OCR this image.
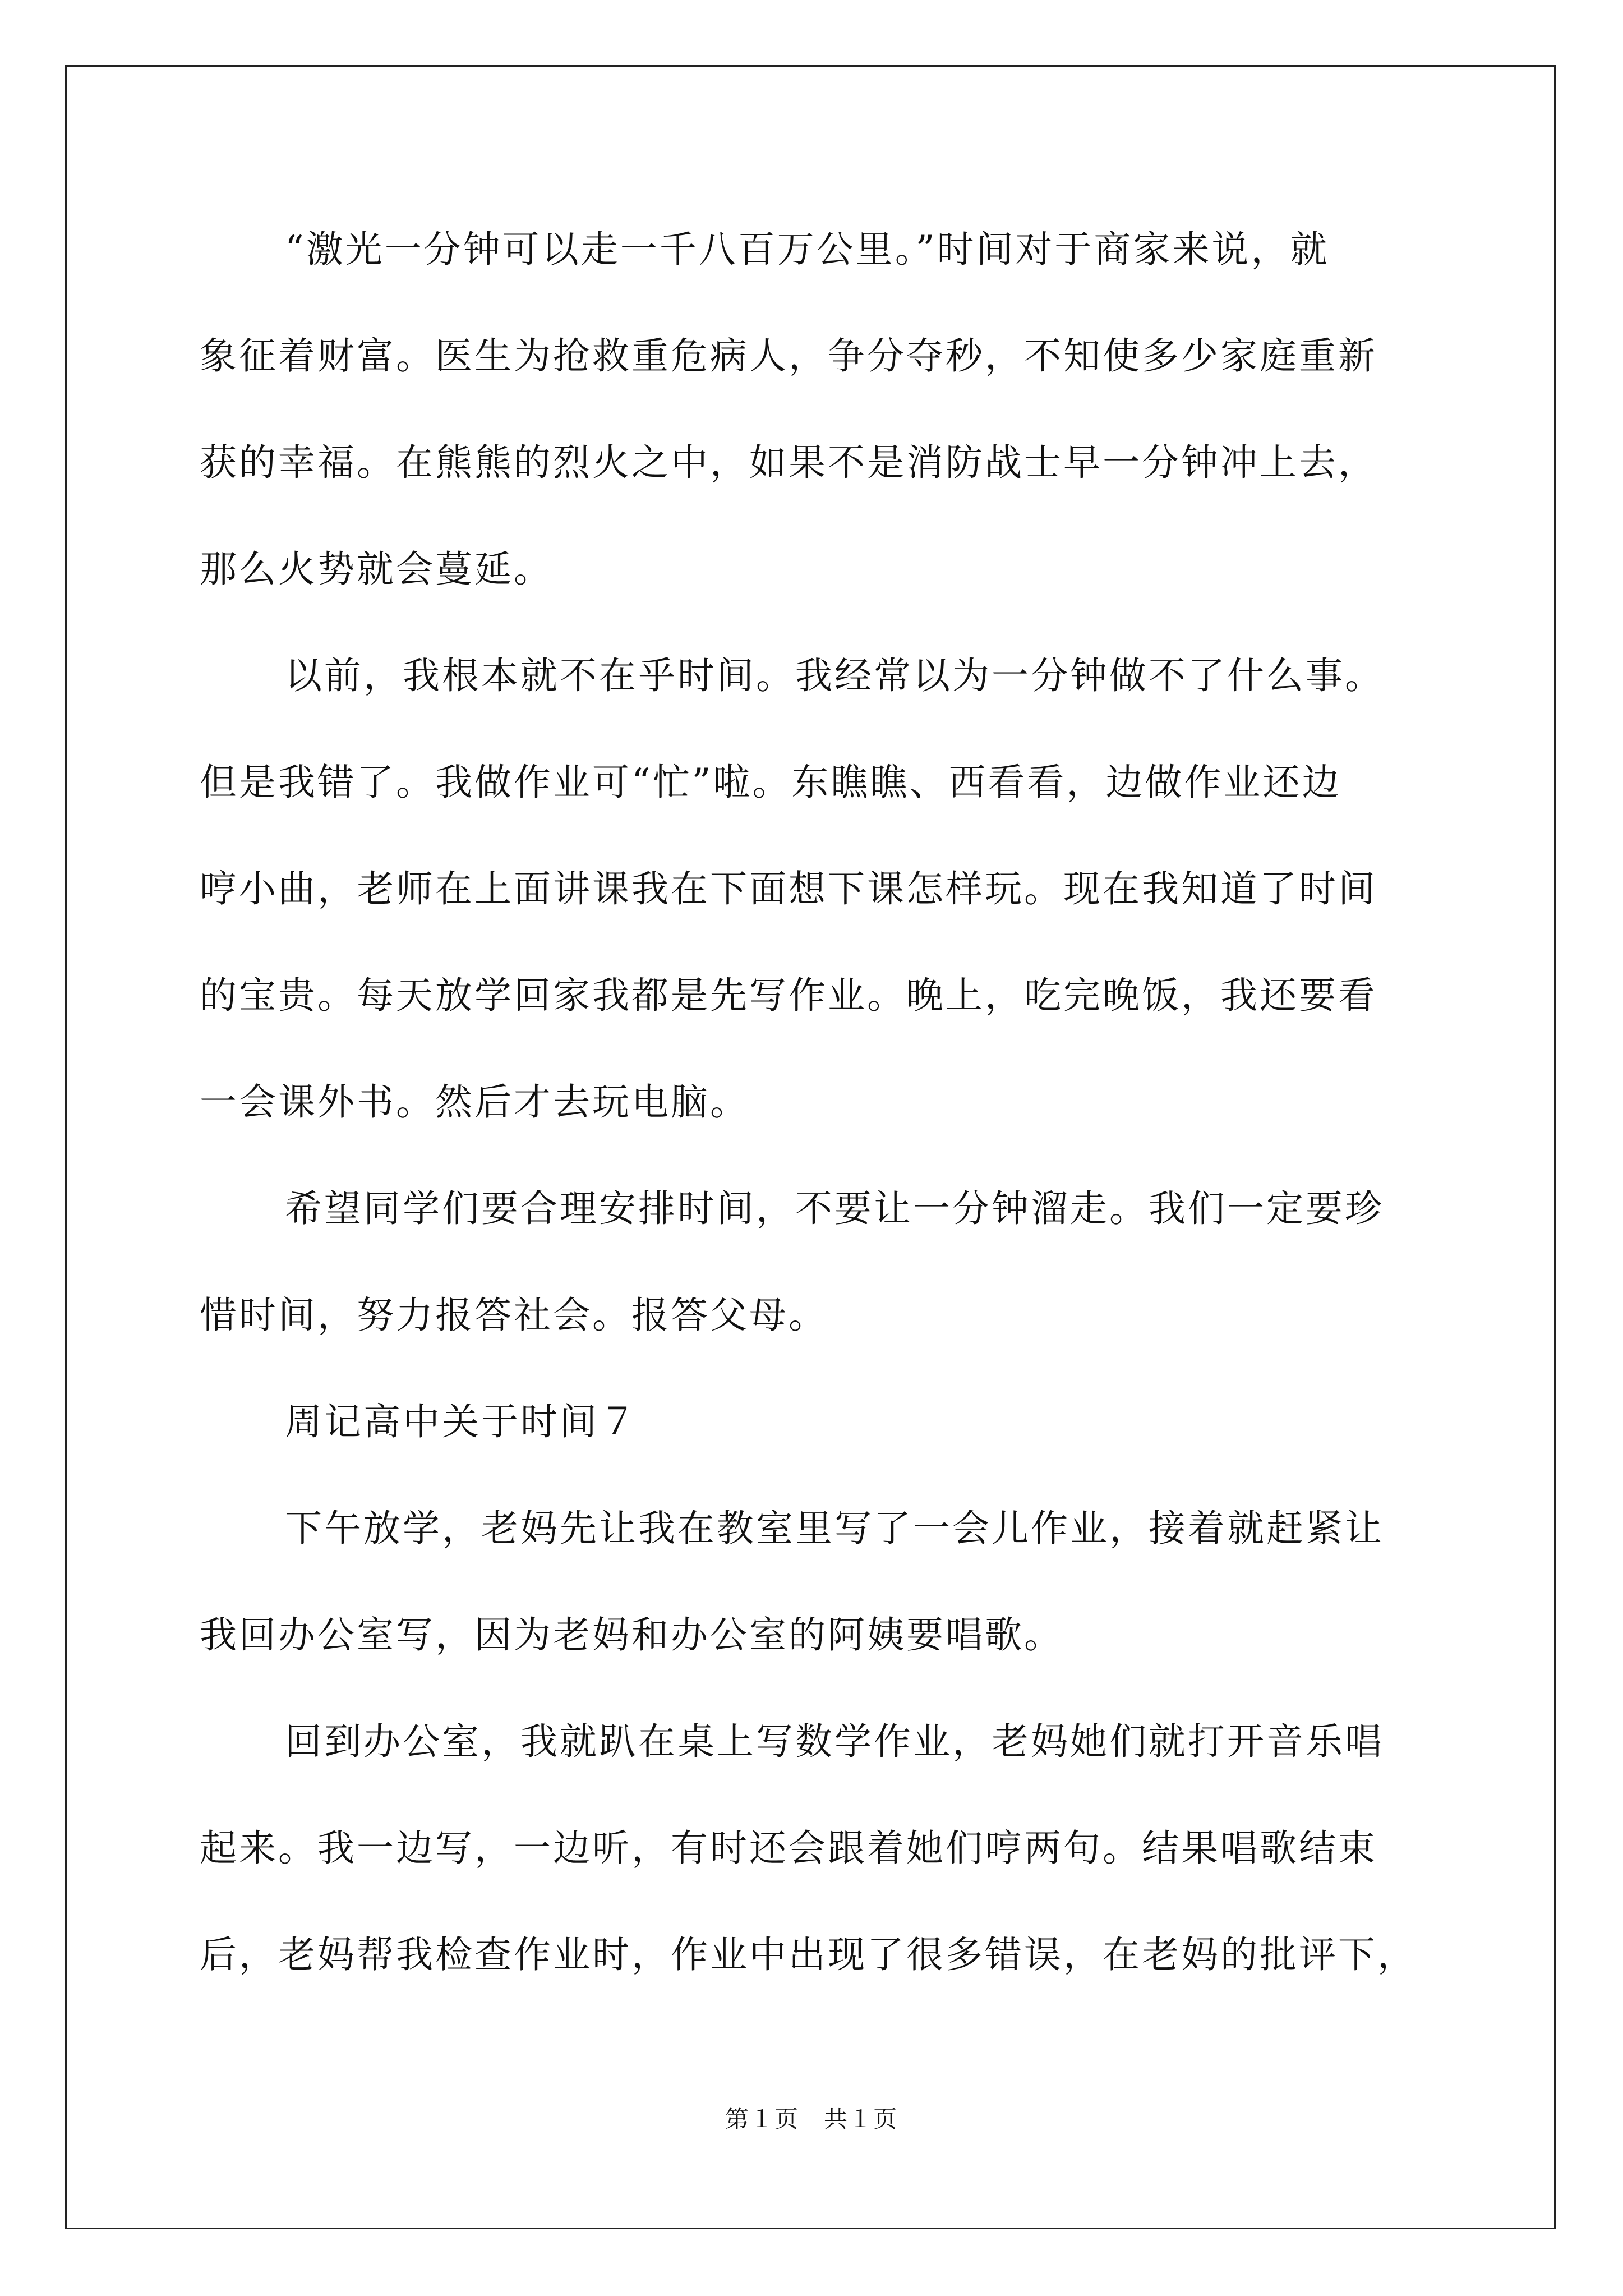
“激光一分钟可以走一千八百万公里。”时间对于商家来说，就
象征着财富。医生为抢救重危病人，争分夺秒，不知使多少家庭重新
获的幸福。在熊熊的烈火之中，如果不是消防战士早一分钟冲上去，
那么火势就会蔓延。
以前，我根本就不在乎时间。我经常以为一分钟做不了什么事。
但是我错了。我做作业可“忙”啦。东瞧瞧、西看看，边做作业还边
哼小曲，老师在上面讲课我在下面想下课怎样玩。现在我知道了时间
的宝贵。每天放学回家我都是先写作业。晚上，吃完晚饭，我还要看
一会课外书。然后才去玩电脑。
希望同学们要合理安排时间，不要让一分钟溜走。我们一定要珍
惜时间，努力报答社会。报答父母。
周记高中关于时间７
下午放学，老妈先让我在教室里写了一会儿作业，接着就赶紧让
我回办公室写，因为老妈和办公室的阿姨要唱歌。
回到办公室，我就趴在桌上写数学作业，老妈她们就打开音乐唱
起来。我一边写，一边听，有时还会跟着她们哼两句。结果唱歌结束
后，老妈帮我检查作业时，作业中出现了很多错误，在老妈的批评下，
第１页　共１页
